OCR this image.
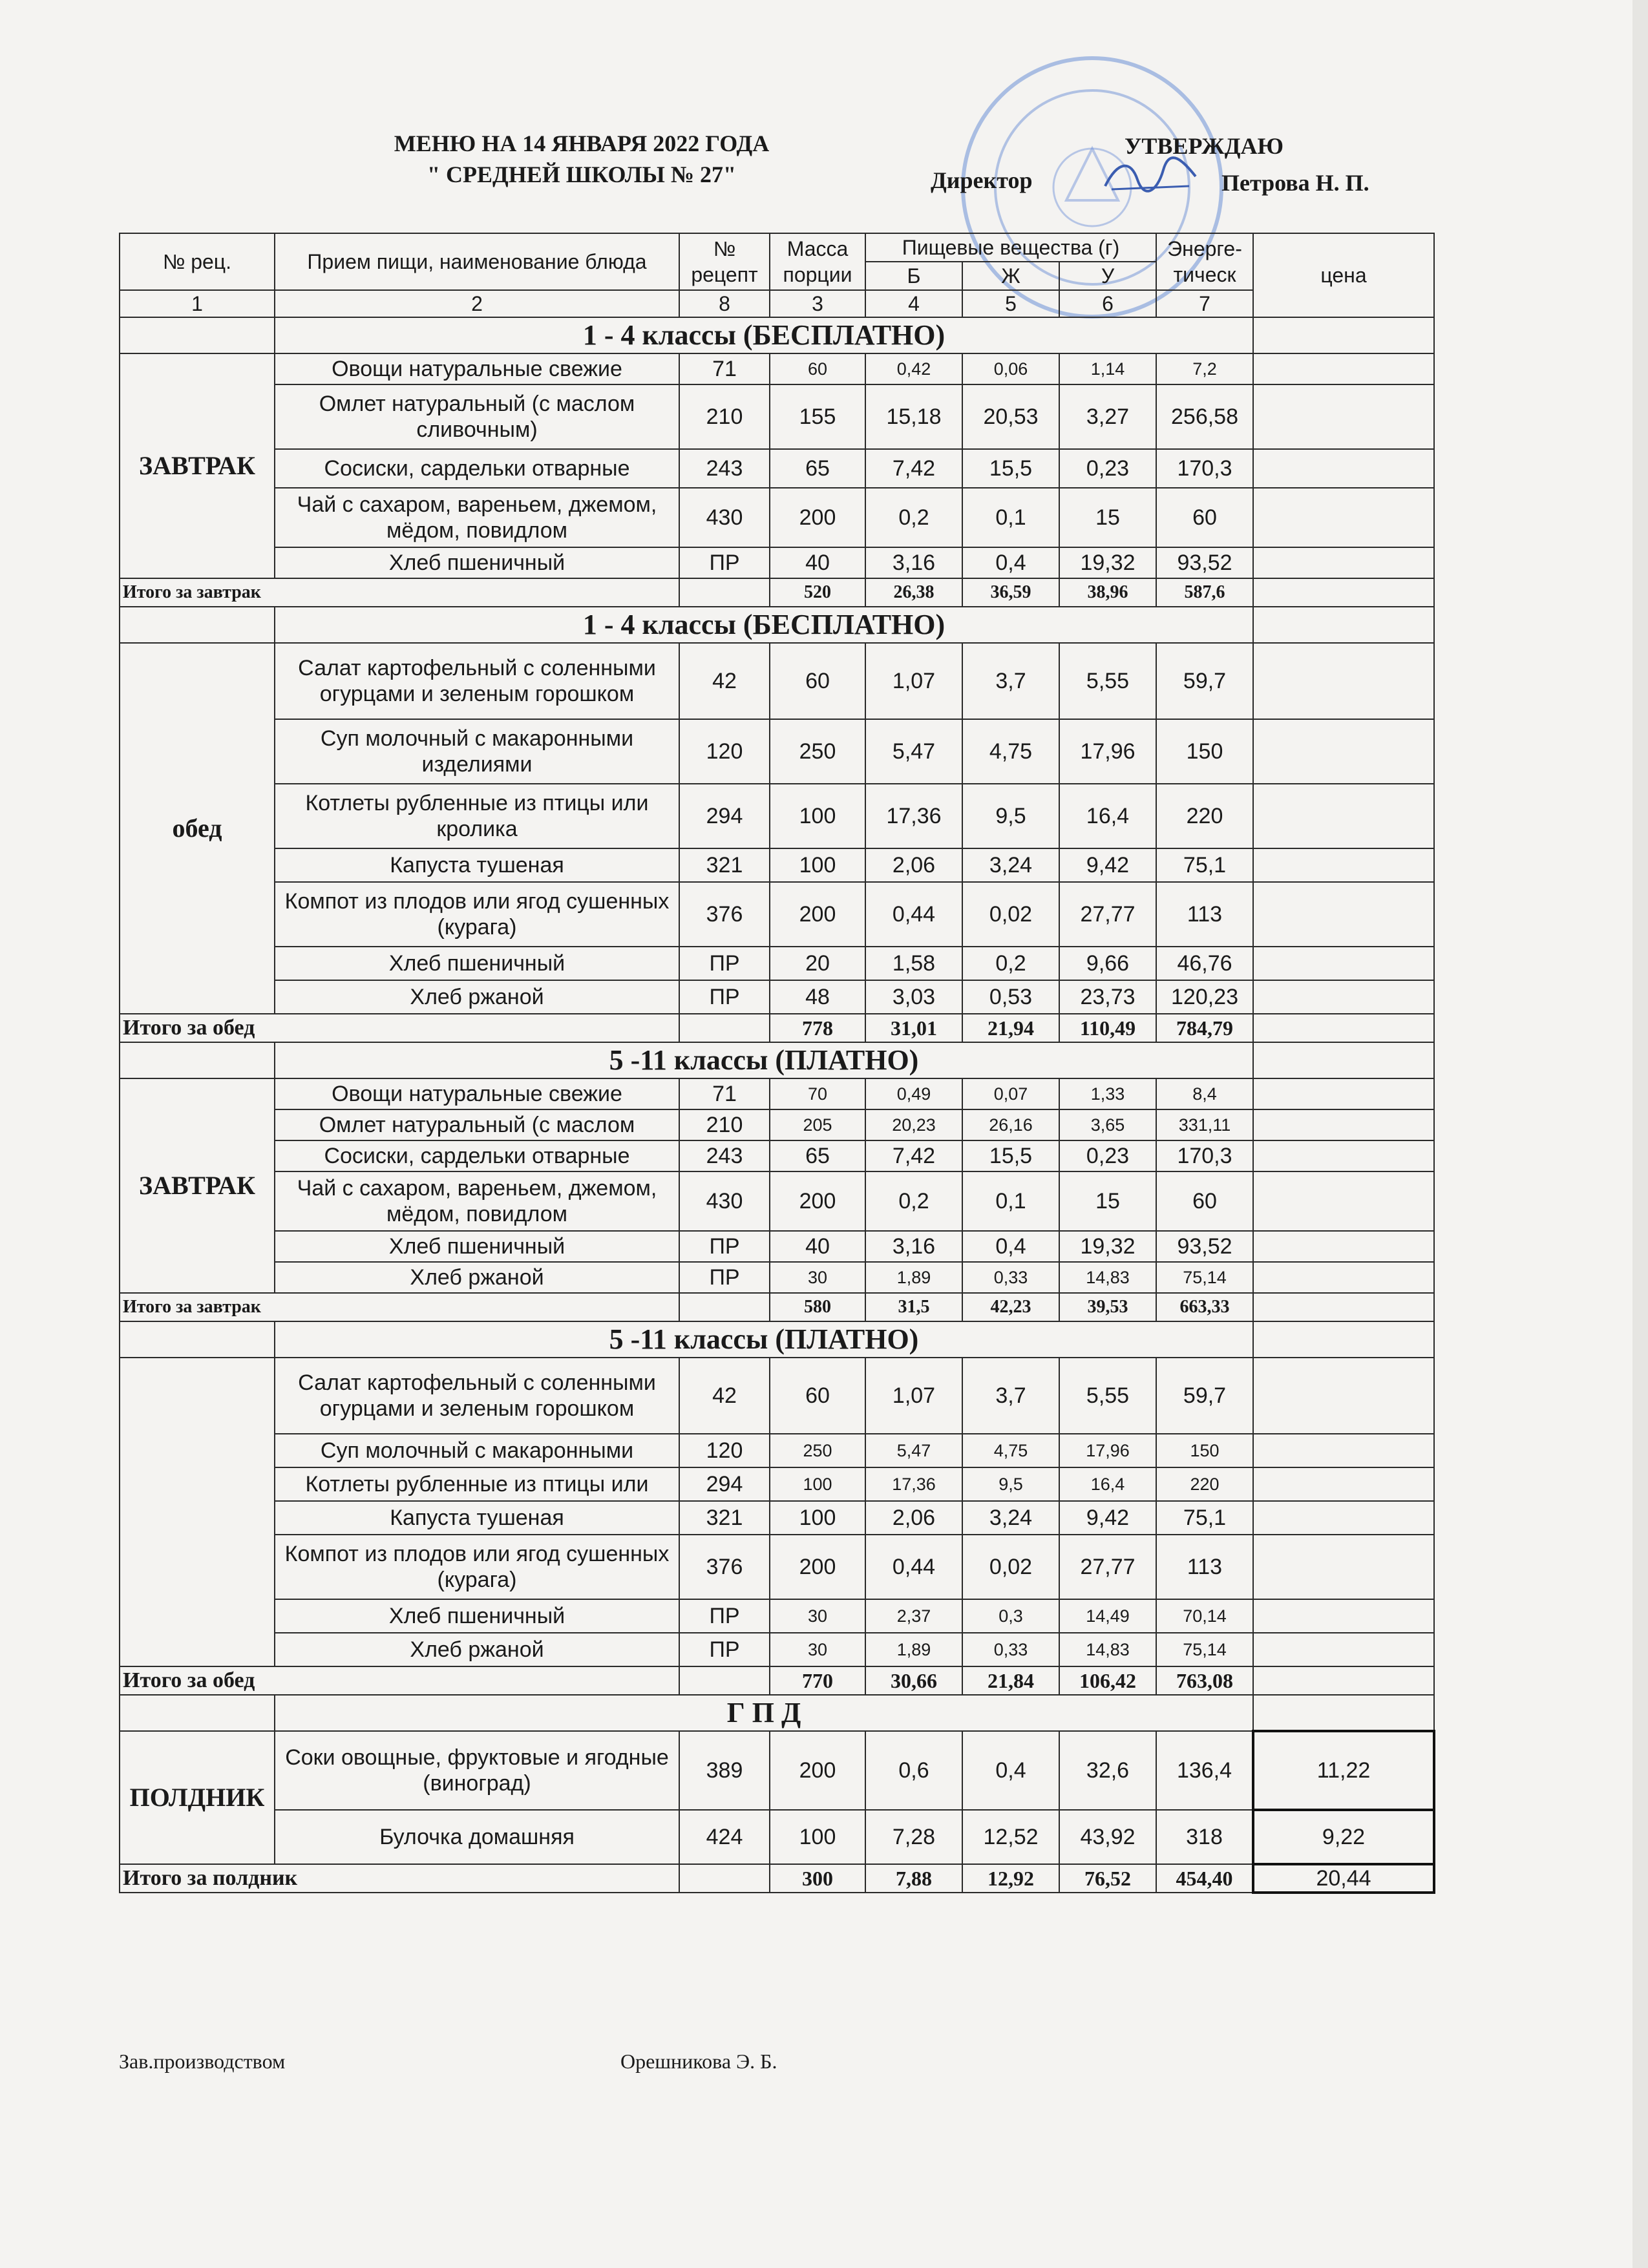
МЕНЮ НА 14 ЯНВАРЯ 2022 ГОДА
" СРЕДНЕЙ ШКОЛЫ № 27"
УТВЕРЖДАЮ
Директор	Петрова Н. П.
№ рец.	Прием пищи, наименование блюда	№ рецепт	Масса порции	Пищевые вещества (г)			Энерге-тическ	цена
				Б	Ж	У		
1	2	8	3	4	5	6	7	
	1 - 4 классы (БЕСПЛАТНО)							
ЗАВТРАК	Овощи натуральные свежие	71	60	0,42	0,06	1,14	7,2	
	Омлет натуральный (с маслом сливочным)	210	155	15,18	20,53	3,27	256,58	
	Сосиски, сардельки отварные	243	65	7,42	15,5	0,23	170,3	
	Чай с сахаром, вареньем, джемом, мёдом, повидлом	430	200	0,2	0,1	15	60	
	Хлеб пшеничный	ПР	40	3,16	0,4	19,32	93,52	
Итого за завтрак			520	26,38	36,59	38,96	587,6	
	1 - 4 классы (БЕСПЛАТНО)							
обед	Салат картофельный с соленными огурцами и зеленым горошком	42	60	1,07	3,7	5,55	59,7	
	Суп молочный с макаронными изделиями	120	250	5,47	4,75	17,96	150	
	Котлеты рубленные из птицы или кролика	294	100	17,36	9,5	16,4	220	
	Капуста тушеная	321	100	2,06	3,24	9,42	75,1	
	Компот из плодов или ягод сушенных (курага)	376	200	0,44	0,02	27,77	113	
	Хлеб пшеничный	ПР	20	1,58	0,2	9,66	46,76	
	Хлеб ржаной	ПР	48	3,03	0,53	23,73	120,23	
Итого за обед			778	31,01	21,94	110,49	784,79	
	5 -11 классы (ПЛАТНО)							
ЗАВТРАК	Овощи натуральные свежие	71	70	0,49	0,07	1,33	8,4	
	Омлет натуральный (с маслом	210	205	20,23	26,16	3,65	331,11	
	Сосиски, сардельки отварные	243	65	7,42	15,5	0,23	170,3	
	Чай с сахаром, вареньем, джемом, мёдом, повидлом	430	200	0,2	0,1	15	60	
	Хлеб пшеничный	ПР	40	3,16	0,4	19,32	93,52	
	Хлеб ржаной	ПР	30	1,89	0,33	14,83	75,14	
Итого за завтрак			580	31,5	42,23	39,53	663,33	
	5 -11 классы (ПЛАТНО)							
	Салат картофельный с соленными огурцами и зеленым горошком	42	60	1,07	3,7	5,55	59,7	
	Суп молочный с макаронными	120	250	5,47	4,75	17,96	150	
	Котлеты рубленные из птицы или	294	100	17,36	9,5	16,4	220	
	Капуста тушеная	321	100	2,06	3,24	9,42	75,1	
	Компот из плодов или ягод сушенных (курага)	376	200	0,44	0,02	27,77	113	
	Хлеб пшеничный	ПР	30	2,37	0,3	14,49	70,14	
	Хлеб ржаной	ПР	30	1,89	0,33	14,83	75,14	
Итого за обед			770	30,66	21,84	106,42	763,08	
	Г П Д							
ПОЛДНИК	Соки овощные, фруктовые и ягодные (виноград)	389	200	0,6	0,4	32,6	136,4	11,22
	Булочка домашняя	424	100	7,28	12,52	43,92	318	9,22
Итого за полдник			300	7,88	12,92	76,52	454,40	20,44
Зав.производством	Орешникова Э. Б.
